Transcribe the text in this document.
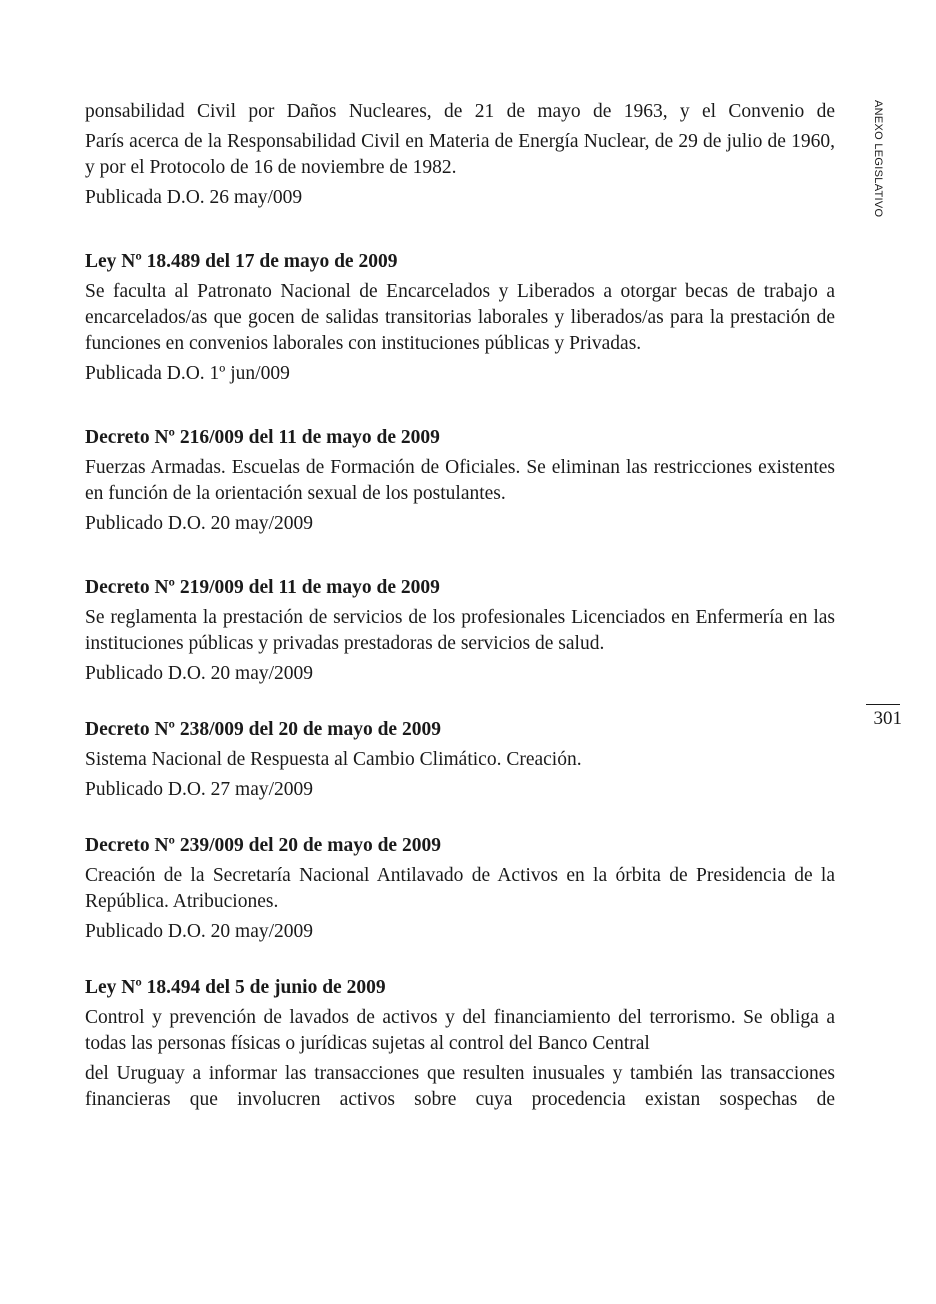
ANEXO LEGISLATIVO
301

ponsabilidad Civil por Daños Nucleares, de 21 de mayo de 1963, y el Convenio de

París acerca de la Responsabilidad Civil en Materia de Energía Nuclear, de 29 de julio de 1960, y por el Protocolo de 16 de noviembre de 1982.

Publicada D.O. 26 may/009

Ley Nº 18.489 del 17 de mayo de 2009

Se faculta al Patronato Nacional de Encarcelados y Liberados a otorgar becas de trabajo a encarcelados/as que gocen de salidas transitorias laborales y liberados/as para la prestación de funciones en convenios laborales con instituciones públicas y Privadas.

Publicada D.O. 1º jun/009

Decreto Nº 216/009 del 11 de mayo de 2009

Fuerzas Armadas. Escuelas de Formación de Oficiales. Se eliminan las restricciones existentes en función de la orientación sexual de los postulantes.

Publicado D.O. 20 may/2009

Decreto Nº 219/009 del 11 de mayo de 2009

Se reglamenta la prestación de servicios de los profesionales Licenciados en Enfermería en las instituciones públicas y privadas prestadoras de servicios de salud.

Publicado D.O. 20 may/2009

Decreto Nº 238/009 del 20 de mayo de 2009

Sistema Nacional de Respuesta al Cambio Climático. Creación.

Publicado D.O. 27 may/2009

Decreto Nº 239/009 del 20 de mayo de 2009

Creación de la Secretaría Nacional Antilavado de Activos en la órbita de Presidencia de la República. Atribuciones.

Publicado D.O. 20 may/2009

Ley Nº 18.494 del 5 de junio de 2009

Control y prevención de lavados de activos y del financiamiento del terrorismo. Se obliga a todas las personas físicas o jurídicas sujetas al control del Banco Central

del Uruguay a informar las transacciones que resulten inusuales y también las transacciones financieras que involucren activos sobre cuya procedencia existan sospechas de
